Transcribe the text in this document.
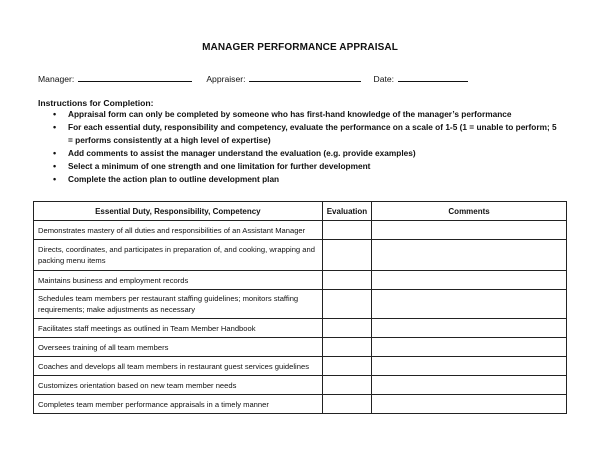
MANAGER PERFORMANCE APPRAISAL
Manager:	Appraiser:	Date:
Instructions for Completion:
• Appraisal form can only be completed by someone who has first-hand knowledge of the manager’s performance
• For each essential duty, responsibility and competency, evaluate the performance on a scale of 1-5 (1 = unable to perform; 5 = performs consistently at a high level of expertise)
• Add comments to assist the manager understand the evaluation (e.g. provide examples)
• Select a minimum of one strength and one limitation for further development
• Complete the action plan to outline development plan
Essential Duty, Responsibility, Competency	Evaluation	Comments
Demonstrates mastery of all duties and responsibilities of an Assistant Manager		
Directs, coordinates, and participates in preparation of, and cooking, wrapping and packing menu items		
Maintains business and employment records		
Schedules team members per restaurant staffing guidelines; monitors staffing requirements; make adjustments as necessary		
Facilitates staff meetings as outlined in Team Member Handbook		
Oversees training of all team members		
Coaches and develops all team members in restaurant guest services guidelines		
Customizes orientation based on new team member needs		
Completes team member performance appraisals in a timely manner		
